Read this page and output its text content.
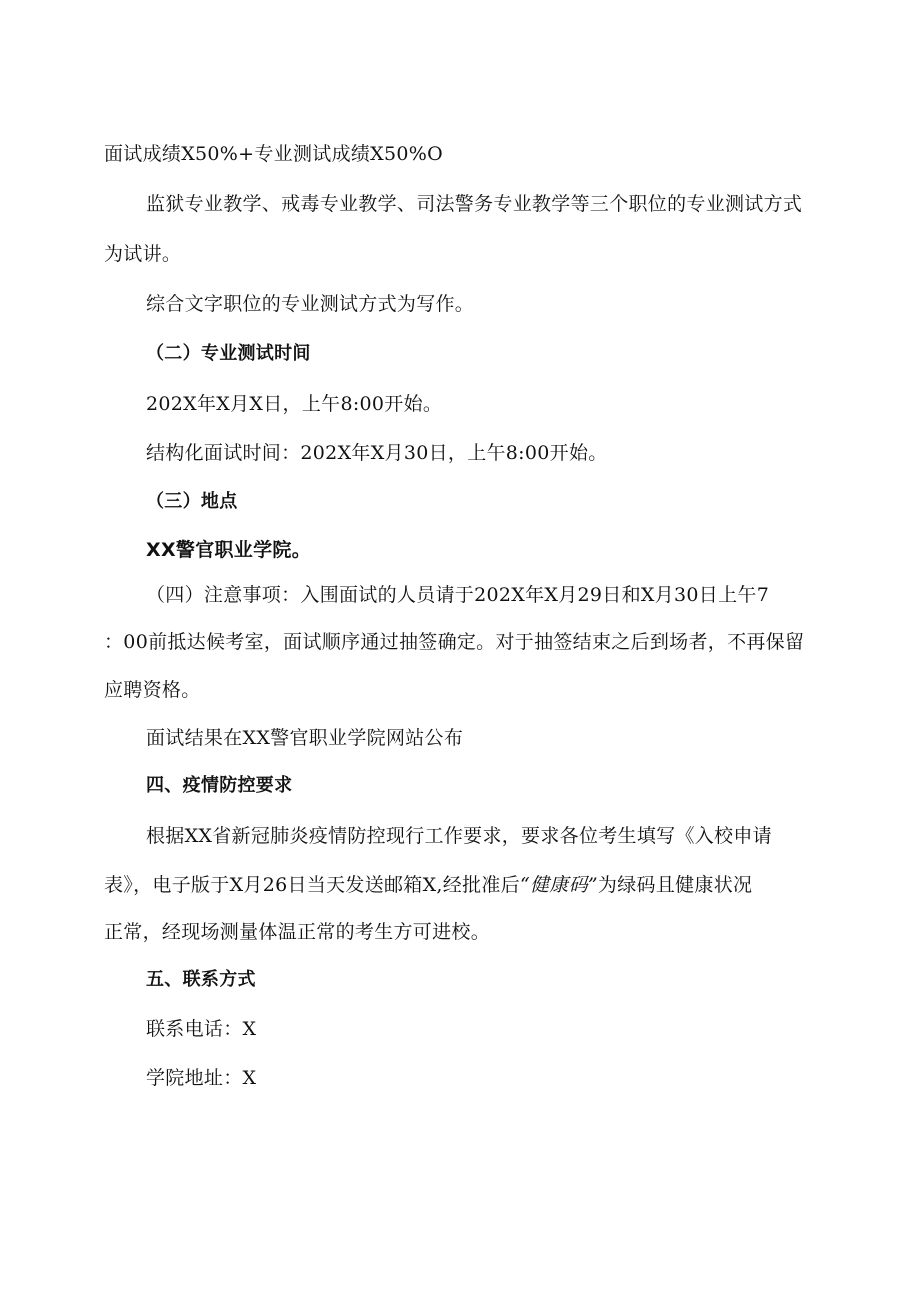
面试成绩X50%+专业测试成绩X50%O
监狱专业教学、戒毒专业教学、司法警务专业教学等三个职位的专业测试方式
为试讲。
综合文字职位的专业测试方式为写作。
（二）专业测试时间
202X年X月X日，上午8:00开始。
结构化面试时间：202X年X月30日，上午8:00开始。
（三）地点
XX警官职业学院。
（四）注意事项：入围面试的人员请于202X年X月29日和X月30日上午7
：00前抵达候考室，面试顺序通过抽签确定。对于抽签结束之后到场者，不再保留
应聘资格。
面试结果在XX警官职业学院网站公布
四、疫情防控要求
根据XX省新冠肺炎疫情防控现行工作要求，要求各位考生填写《入校申请
表》，电子版于X月26日当天发送邮箱X,经批准后“健康码”为绿码且健康状况
正常，经现场测量体温正常的考生方可进校。
五、联系方式
联系电话：X
学院地址：X
